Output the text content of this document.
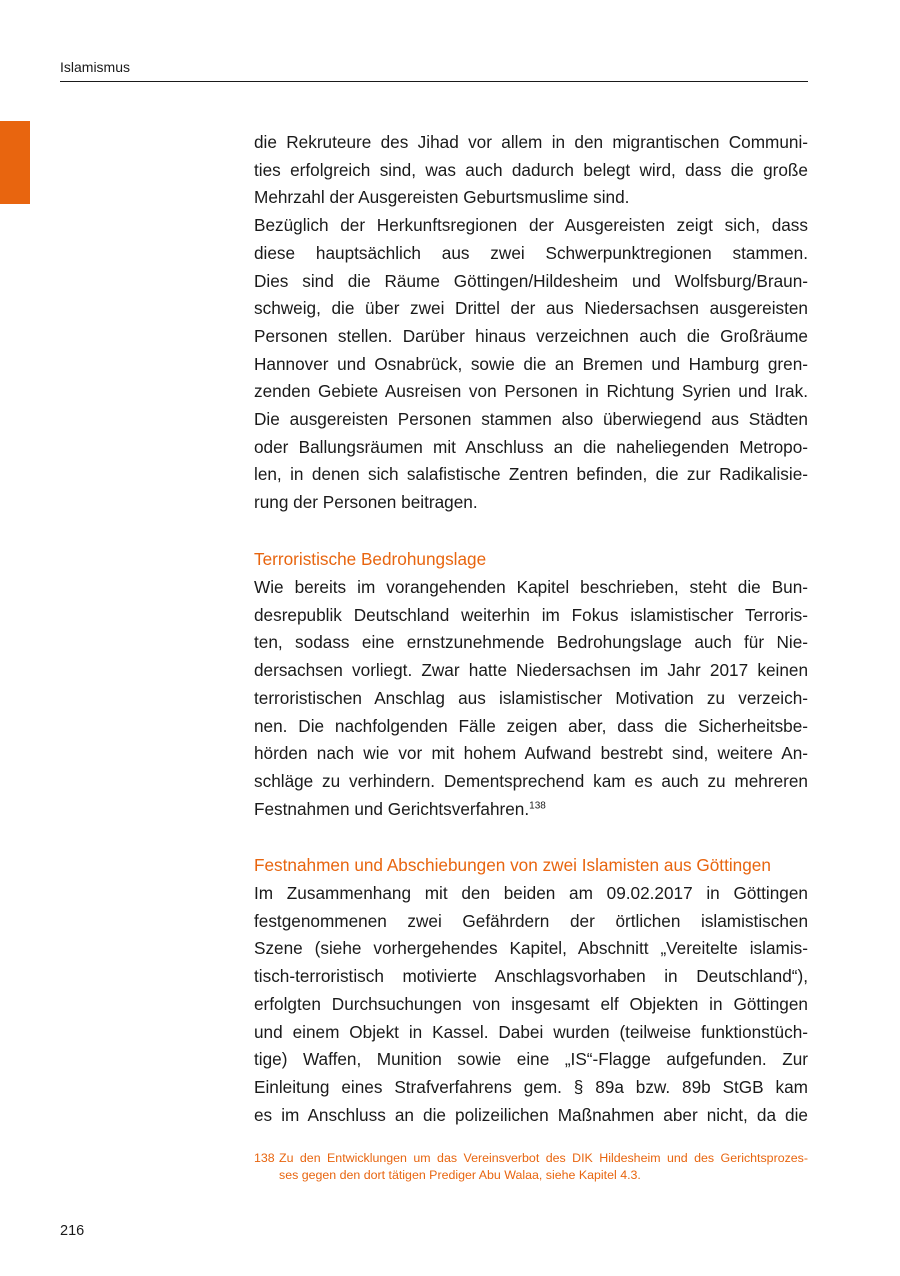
Islamismus
die Rekruteure des Jihad vor allem in den migrantischen Communi-
ties erfolgreich sind, was auch dadurch belegt wird, dass die große
Mehrzahl der Ausgereisten Geburtsmuslime sind.
Bezüglich der Herkunftsregionen der Ausgereisten zeigt sich, dass
diese hauptsächlich aus zwei Schwerpunktregionen stammen.
Dies sind die Räume Göttingen/Hildesheim und Wolfsburg/Braun-
schweig, die über zwei Drittel der aus Niedersachsen ausgereisten
Personen stellen. Darüber hinaus verzeichnen auch die Großräume
Hannover und Osnabrück, sowie die an Bremen und Hamburg gren-
zenden Gebiete Ausreisen von Personen in Richtung Syrien und Irak.
Die ausgereisten Personen stammen also überwiegend aus Städten
oder Ballungsräumen mit Anschluss an die naheliegenden Metropo-
len, in denen sich salafistische Zentren befinden, die zur Radikalisie-
rung der Personen beitragen.
Terroristische Bedrohungslage
Wie bereits im vorangehenden Kapitel beschrieben, steht die Bun-
desrepublik Deutschland weiterhin im Fokus islamistischer Terroris-
ten, sodass eine ernstzunehmende Bedrohungslage auch für Nie-
dersachsen vorliegt. Zwar hatte Niedersachsen im Jahr 2017 keinen
terroristischen Anschlag aus islamistischer Motivation zu verzeich-
nen. Die nachfolgenden Fälle zeigen aber, dass die Sicherheitsbe-
hörden nach wie vor mit hohem Aufwand bestrebt sind, weitere An-
schläge zu verhindern. Dementsprechend kam es auch zu mehreren
Festnahmen und Gerichtsverfahren.$^{138}$
Festnahmen und Abschiebungen von zwei Islamisten aus Göttingen
Im Zusammenhang mit den beiden am 09.02.2017 in Göttingen
festgenommenen zwei Gefährdern der örtlichen islamistischen
Szene (siehe vorhergehendes Kapitel, Abschnitt „Vereitelte islamis-
tisch-terroristisch motivierte Anschlagsvorhaben in Deutschland“),
erfolgten Durchsuchungen von insgesamt elf Objekten in Göttingen
und einem Objekt in Kassel. Dabei wurden (teilweise funktionstüch-
tige) Waffen, Munition sowie eine „IS“-Flagge aufgefunden. Zur
Einleitung eines Strafverfahrens gem. § 89a bzw. 89b StGB kam
es im Anschluss an die polizeilichen Maßnahmen aber nicht, da die
138 Zu den Entwicklungen um das Vereinsverbot des DIK Hildesheim und des Gerichtsprozes-
ses gegen den dort tätigen Prediger Abu Walaa, siehe Kapitel 4.3.
216
